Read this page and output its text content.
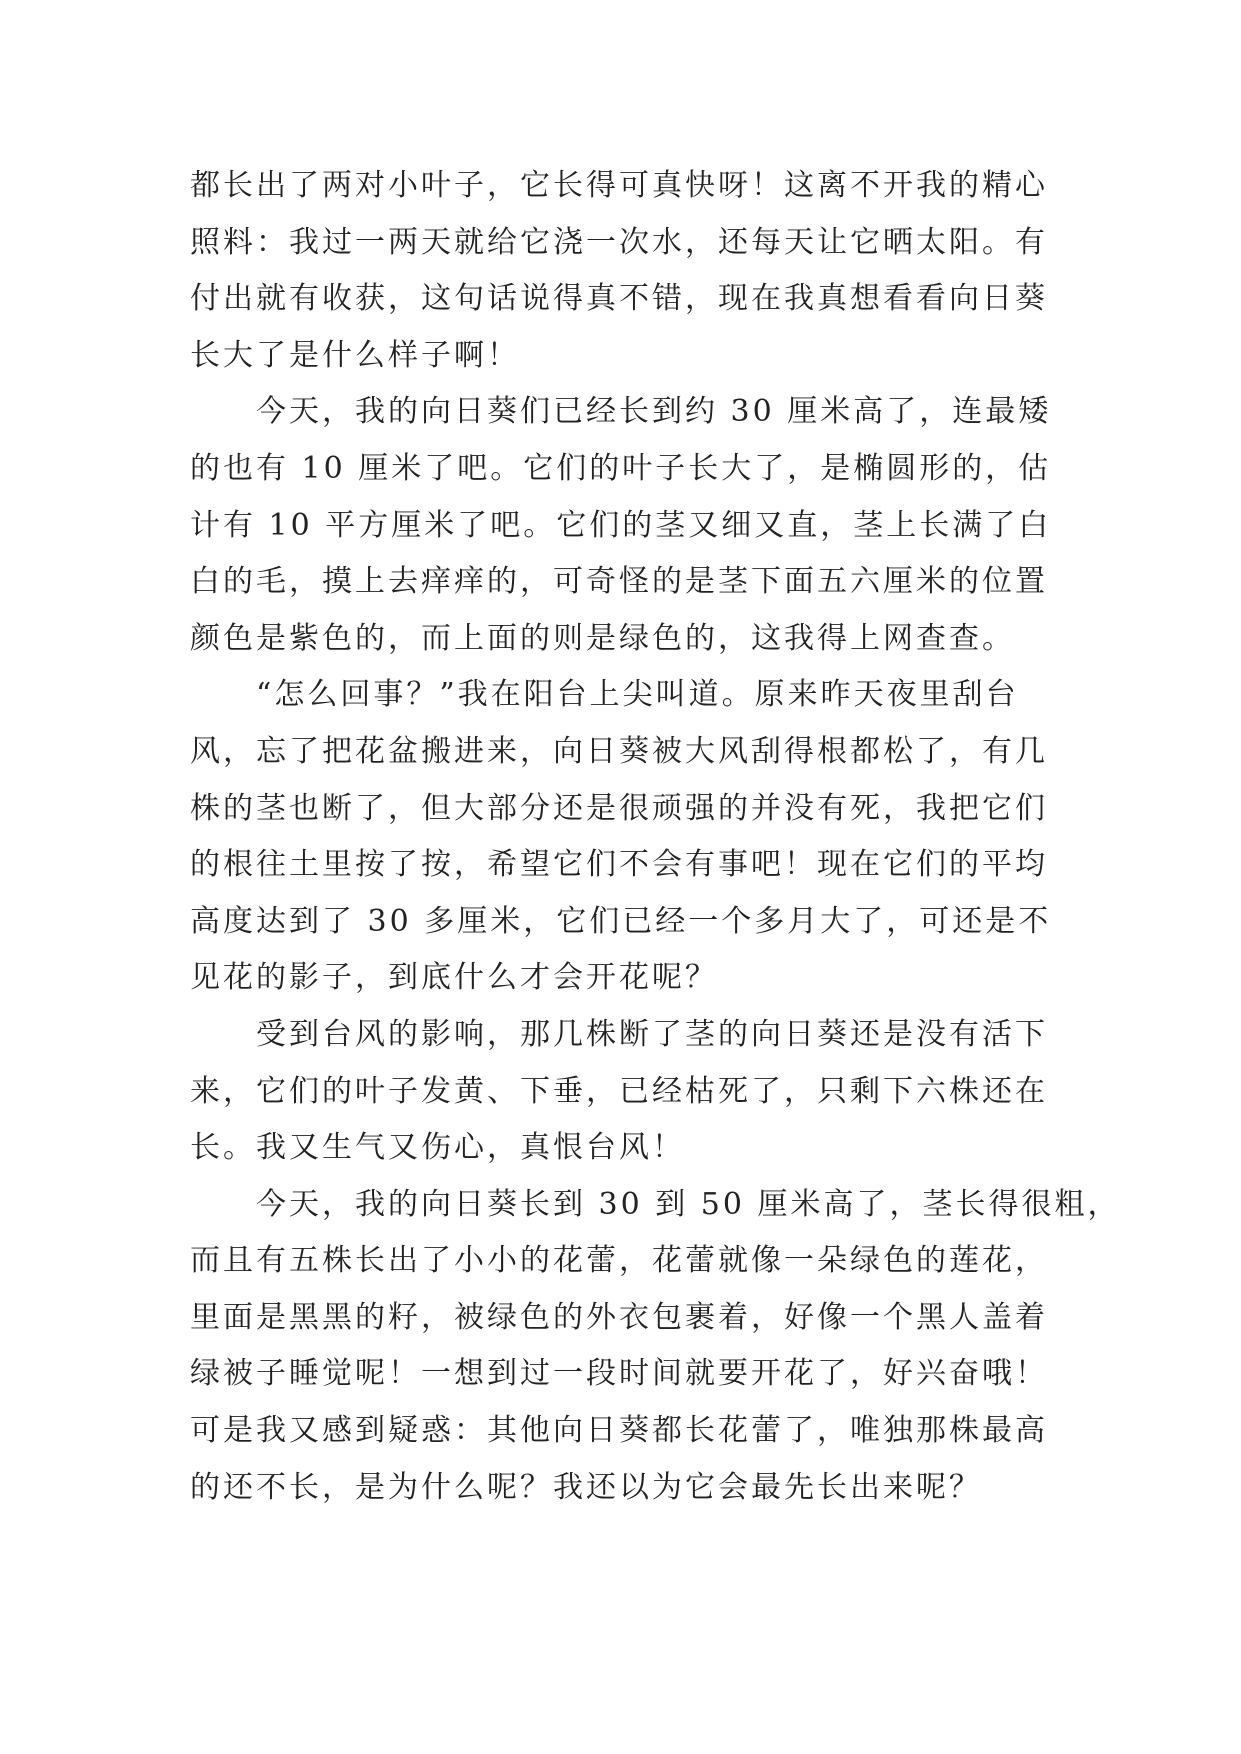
都长出了两对小叶子，它长得可真快呀！这离不开我的精心
照料：我过一两天就给它浇一次水，还每天让它晒太阳。有
付出就有收获，这句话说得真不错，现在我真想看看向日葵
长大了是什么样子啊！
今天，我的向日葵们已经长到约 30 厘米高了，连最矮
的也有 10 厘米了吧。它们的叶子长大了，是椭圆形的，估
计有 10 平方厘米了吧。它们的茎又细又直，茎上长满了白
白的毛，摸上去痒痒的，可奇怪的是茎下面五六厘米的位置
颜色是紫色的，而上面的则是绿色的，这我得上网查查。
“怎么回事？”我在阳台上尖叫道。原来昨天夜里刮台
风，忘了把花盆搬进来，向日葵被大风刮得根都松了，有几
株的茎也断了，但大部分还是很顽强的并没有死，我把它们
的根往土里按了按，希望它们不会有事吧！现在它们的平均
高度达到了 30 多厘米，它们已经一个多月大了，可还是不
见花的影子，到底什么才会开花呢？
受到台风的影响，那几株断了茎的向日葵还是没有活下
来，它们的叶子发黄、下垂，已经枯死了，只剩下六株还在
长。我又生气又伤心，真恨台风！
今天，我的向日葵长到 30 到 50 厘米高了，茎长得很粗，
而且有五株长出了小小的花蕾，花蕾就像一朵绿色的莲花，
里面是黑黑的籽，被绿色的外衣包裹着，好像一个黑人盖着
绿被子睡觉呢！一想到过一段时间就要开花了，好兴奋哦！
可是我又感到疑惑：其他向日葵都长花蕾了，唯独那株最高
的还不长，是为什么呢？我还以为它会最先长出来呢？
